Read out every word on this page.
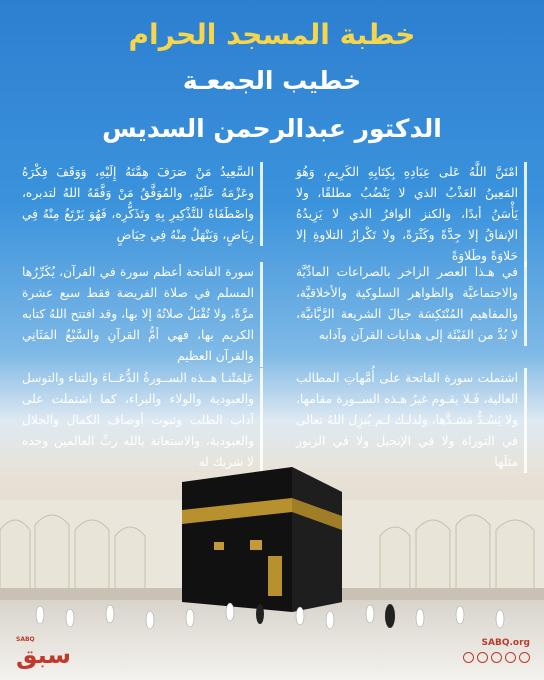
خطبة المسجد الحرام
خطيب الجمعـة
الدكتور عبدالرحمن السديس
امْتَنَّ اللَّهُ عَلى عِبَادِهِ بِكِتَابِهِ الكَرِيمِ، وَهُوَ المَعِينُ العَذْبُ الذي لا يَنْضُبُ مطلقًا، ولا يَأْسَنُ أبدًا، والكنز الوافرُ الذي لا يَزِيدُهُ الإنفاقُ إلا جِدَّةً وكَثْرَةً، ولا تَكْرارُ التلاوةِ إلا حَلاوَةً وطَلاوَةً
السَّعِيدُ مَنْ صَرَفَ هِمَّتَهُ إِلَيْهِ، وَوَقَفَ فِكْرَهُ وعَزْمَهُ عَلَيْهِ، والمُوَفَّقُ مَنْ وَفَّقَهُ اللهُ لتدبره، واصْطَفَاهُ للتَّذْكِيرِ بِهِ وتَذَكُّرِه، فَهُوَ يَرْتَعُ مِنْهُ فِي رِيَاضٍ، وَيَنْهَلُ مِنْهُ فِي حِيَاضٍ
في هـذا العصر الزاخر بالصراعات المادِّيَّة والاجتماعيَّة والظواهر السلوكية والأخلاقيَّة، والمفاهيم المُنْتَكِسَة جيالَ الشريعة الرَّبَّانيَّة، لا بُدَّ من الفَيْئَة إلى هدايات القرآن وآدابه
سورة الفاتحة أعظم سورة في القرآن، يُكَرِّرُها المسلم في صلاة الفريضة فقط سبع عشرة مرَّةً، ولا تُقْبَلُ صلاتُهُ إلا بها، وقد افتتح اللهُ كتابه الكريم بها، فهي أمُّ القرآنِ والسَّبْعُ المَثَانِي والقرآن العظيم
اشتملت سورة الفاتحة على أُمَّهاتِ المطالب العالية، فَـلا يقـوم غيرُ هـذه الســورة مقامها، ولا يَسُـدُّ مَسَـدَّها، ولذلـك لـم يُنزِل اللهُ تعالى في التوراة ولا في الإنجيل ولا في الزبور مثلَها
عَلِمَتْنـا هــذه الســورةُ الدُّعَــاءَ والثناء والتوسل والعبودية والولاء والبراء، كما اشتملت على آداب الطلب وثبوت أوصاف الكمال والجلال والعبودية، والاستعانة بالله ربِّ العالمين وحده لا شريك له
SABQ
سبق	SABQ.org
